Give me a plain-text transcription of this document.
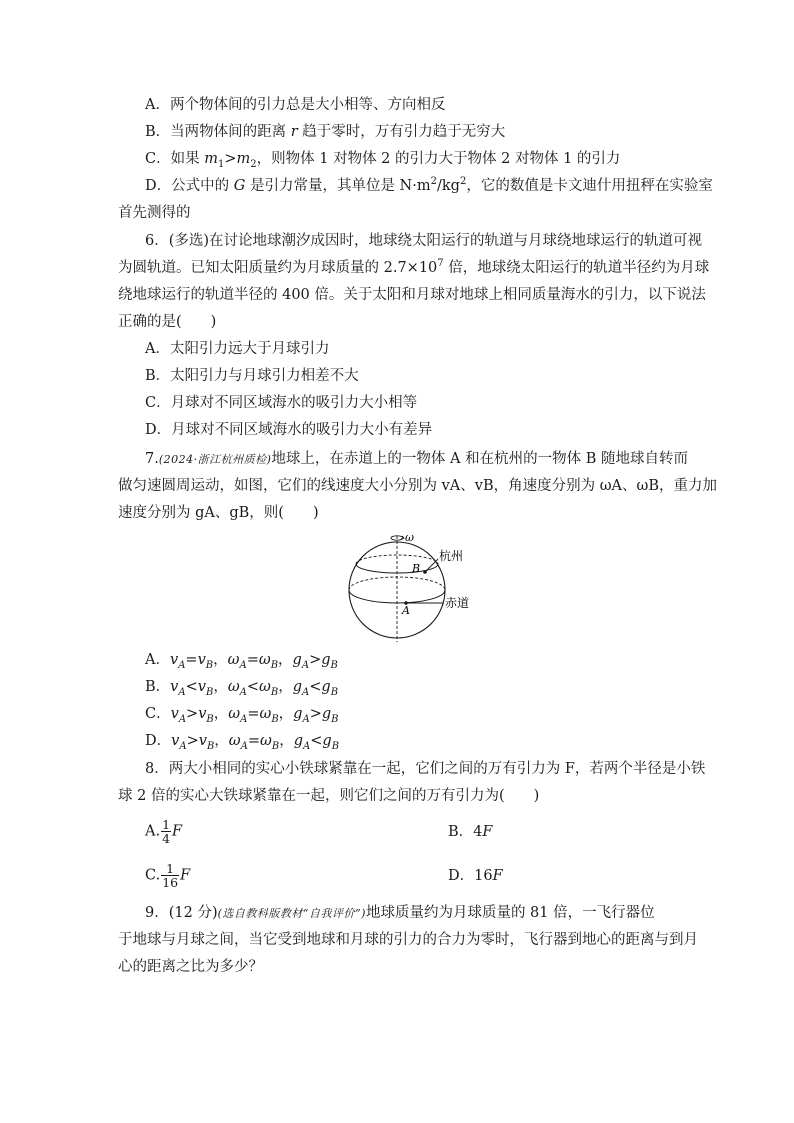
A．两个物体间的引力总是大小相等、方向相反
B．当两物体间的距离 r 趋于零时，万有引力趋于无穷大
C．如果 $m_1>m_2$，则物体 1 对物体 2 的引力大于物体 2 对物体 1 的引力
D．公式中的 G 是引力常量，其单位是 $N\cdot m^2/kg^2$，它的数值是卡文迪什用扭秤在实验室
首先测得的
6．(多选)在讨论地球潮汐成因时，地球绕太阳运行的轨道与月球绕地球运行的轨道可视
为圆轨道。已知太阳质量约为月球质量的 $2.7\times 10^7$ 倍，地球绕太阳运行的轨道半径约为月球
绕地球运行的轨道半径的 400 倍。关于太阳和月球对地球上相同质量海水的引力，以下说法
正确的是(　　)
A．太阳引力远大于月球引力
B．太阳引力与月球引力相差不大
C．月球对不同区域海水的吸引力大小相等
D．月球对不同区域海水的吸引力大小有差异
7.(2024·浙江杭州质检)地球上，在赤道上的一物体 A 和在杭州的一物体 B 随地球自转而
做匀速圆周运动，如图，它们的线速度大小分别为 vA、vB，角速度分别为 ωA、ωB，重力加
速度分别为 gA、gB，则(　　)
ω
B
A
杭州
赤道
A．$v_A=v_B$，$\omega_A=\omega_B$，$g_A>g_B$
B．$v_A<v_B$，$\omega_A<\omega_B$，$g_A<g_B$
C．$v_A>v_B$，$\omega_A=\omega_B$，$g_A>g_B$
D．$v_A>v_B$，$\omega_A=\omega_B$，$g_A<g_B$
8．两大小相同的实心小铁球紧靠在一起，它们之间的万有引力为 F，若两个半径是小铁
球 2 倍的实心大铁球紧靠在一起，则它们之间的万有引力为(　　)
A. $\frac{1}{4}$ F	B．4F
C. $\frac{1}{16}$ F	D．16F
9．(12 分)(选自教科版教材“自我评价”)地球质量约为月球质量的 81 倍，一飞行器位
于地球与月球之间，当它受到地球和月球的引力的合力为零时，飞行器到地心的距离与到月
心的距离之比为多少？
